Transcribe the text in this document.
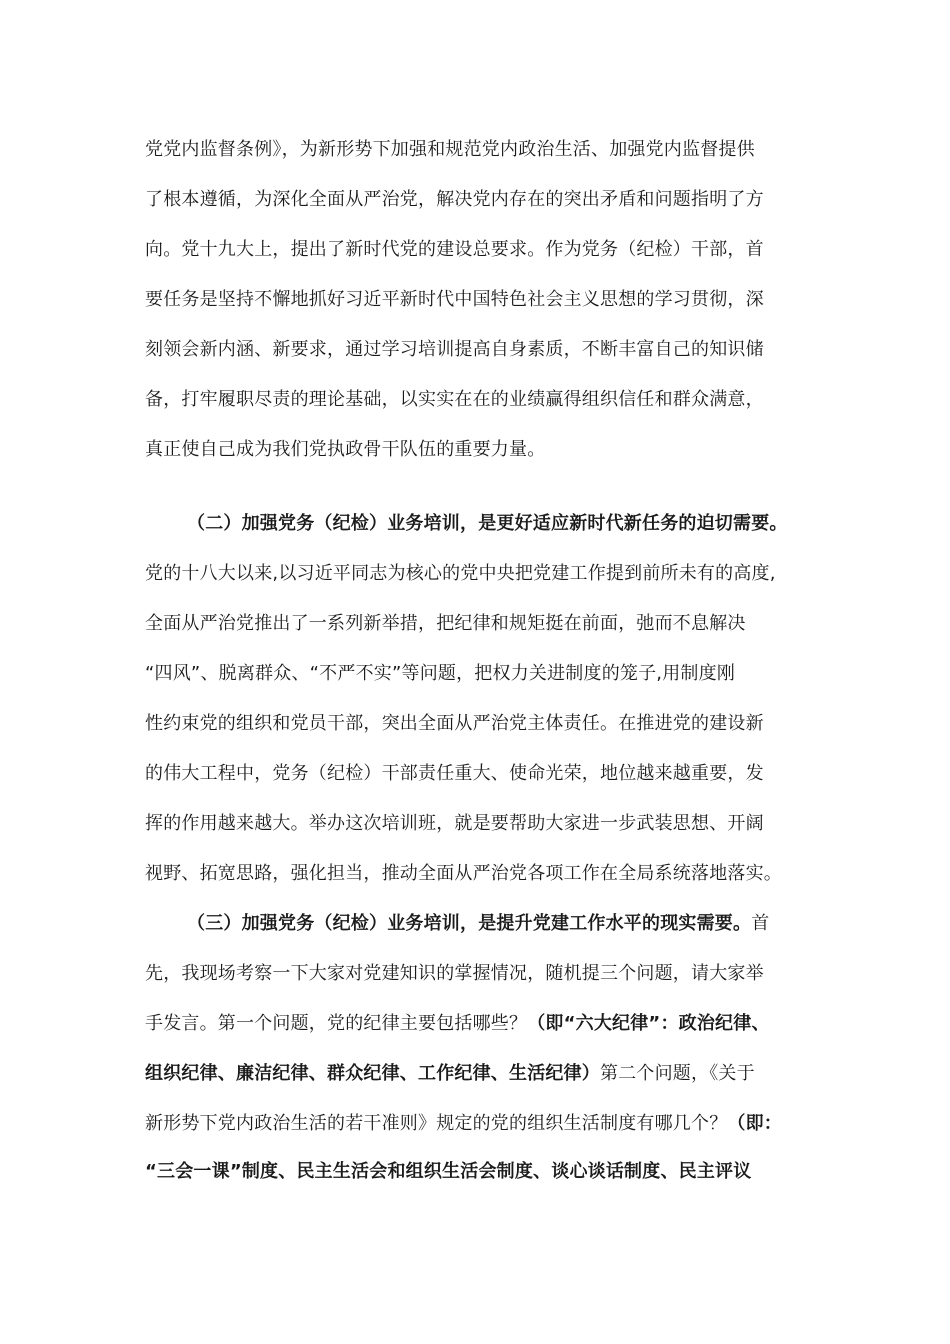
党党内监督条例》，为新形势下加强和规范党内政治生活、加强党内监督提供
了根本遵循，为深化全面从严治党，解决党内存在的突出矛盾和问题指明了方
向。党十九大上，提出了新时代党的建设总要求。作为党务（纪检）干部，首
要任务是坚持不懈地抓好习近平新时代中国特色社会主义思想的学习贯彻，深
刻领会新内涵、新要求，通过学习培训提高自身素质，不断丰富自己的知识储
备，打牢履职尽责的理论基础，以实实在在的业绩赢得组织信任和群众满意，
真正使自己成为我们党执政骨干队伍的重要力量。
（二）加强党务（纪检）业务培训，是更好适应新时代新任务的迫切需要。
党的十八大以来,以习近平同志为核心的党中央把党建工作提到前所未有的高度,
全面从严治党推出了一系列新举措，把纪律和规矩挺在前面，弛而不息解决
“四风”、脱离群众、“不严不实”等问题，把权力关进制度的笼子,用制度刚
性约束党的组织和党员干部，突出全面从严治党主体责任。在推进党的建设新
的伟大工程中，党务（纪检）干部责任重大、使命光荣，地位越来越重要，发
挥的作用越来越大。举办这次培训班，就是要帮助大家进一步武装思想、开阔
视野、拓宽思路，强化担当，推动全面从严治党各项工作在全局系统落地落实。
（三）加强党务（纪检）业务培训，是提升党建工作水平的现实需要。首
先，我现场考察一下大家对党建知识的掌握情况，随机提三个问题，请大家举
手发言。第一个问题，党的纪律主要包括哪些？（即“六大纪律”：政治纪律、
组织纪律、廉洁纪律、群众纪律、工作纪律、生活纪律）第二个问题，《关于
新形势下党内政治生活的若干准则》规定的党的组织生活制度有哪几个？（即：
“三会一课”制度、民主生活会和组织生活会制度、谈心谈话制度、民主评议
